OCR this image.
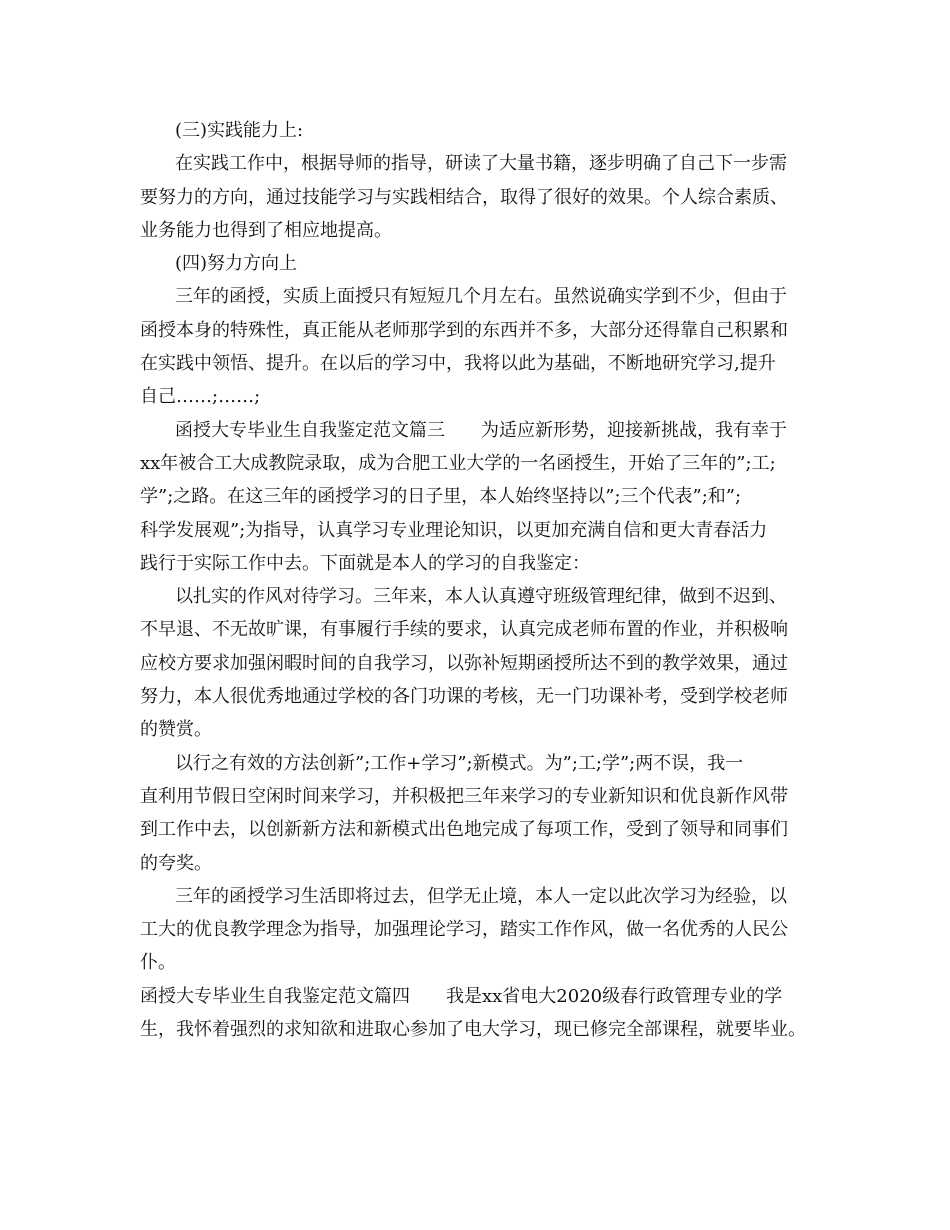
(三)实践能力上:
在实践工作中，根据导师的指导，研读了大量书籍，逐步明确了自己下一步需
要努力的方向，通过技能学习与实践相结合，取得了很好的效果。个人综合素质、
业务能力也得到了相应地提高。
(四)努力方向上
三年的函授，实质上面授只有短短几个月左右。虽然说确实学到不少，但由于
函授本身的特殊性，真正能从老师那学到的东西并不多，大部分还得靠自己积累和
在实践中领悟、提升。在以后的学习中，我将以此为基础，不断地研究学习,提升
自己……;……;
函授大专毕业生自我鉴定范文篇三　　为适应新形势，迎接新挑战，我有幸于
xx年被合工大成教院录取，成为合肥工业大学的一名函授生，开始了三年的”;工;
学”;之路。在这三年的函授学习的日子里，本人始终坚持以”;三个代表”;和”;
科学发展观”;为指导，认真学习专业理论知识，以更加充满自信和更大青春活力
践行于实际工作中去。下面就是本人的学习的自我鉴定：
以扎实的作风对待学习。三年来，本人认真遵守班级管理纪律，做到不迟到、
不早退、不无故旷课，有事履行手续的要求，认真完成老师布置的作业，并积极响
应校方要求加强闲暇时间的自我学习，以弥补短期函授所达不到的教学效果，通过
努力，本人很优秀地通过学校的各门功课的考核，无一门功课补考，受到学校老师
的赞赏。
以行之有效的方法创新”;工作+学习”;新模式。为”;工;学”;两不误，我一
直利用节假日空闲时间来学习，并积极把三年来学习的专业新知识和优良新作风带
到工作中去，以创新新方法和新模式出色地完成了每项工作，受到了领导和同事们
的夸奖。
三年的函授学习生活即将过去，但学无止境，本人一定以此次学习为经验，以
工大的优良教学理念为指导，加强理论学习，踏实工作作风，做一名优秀的人民公
仆。
函授大专毕业生自我鉴定范文篇四　　我是xx省电大2020级春行政管理专业的学
生，我怀着强烈的求知欲和进取心参加了电大学习，现已修完全部课程，就要毕业。
